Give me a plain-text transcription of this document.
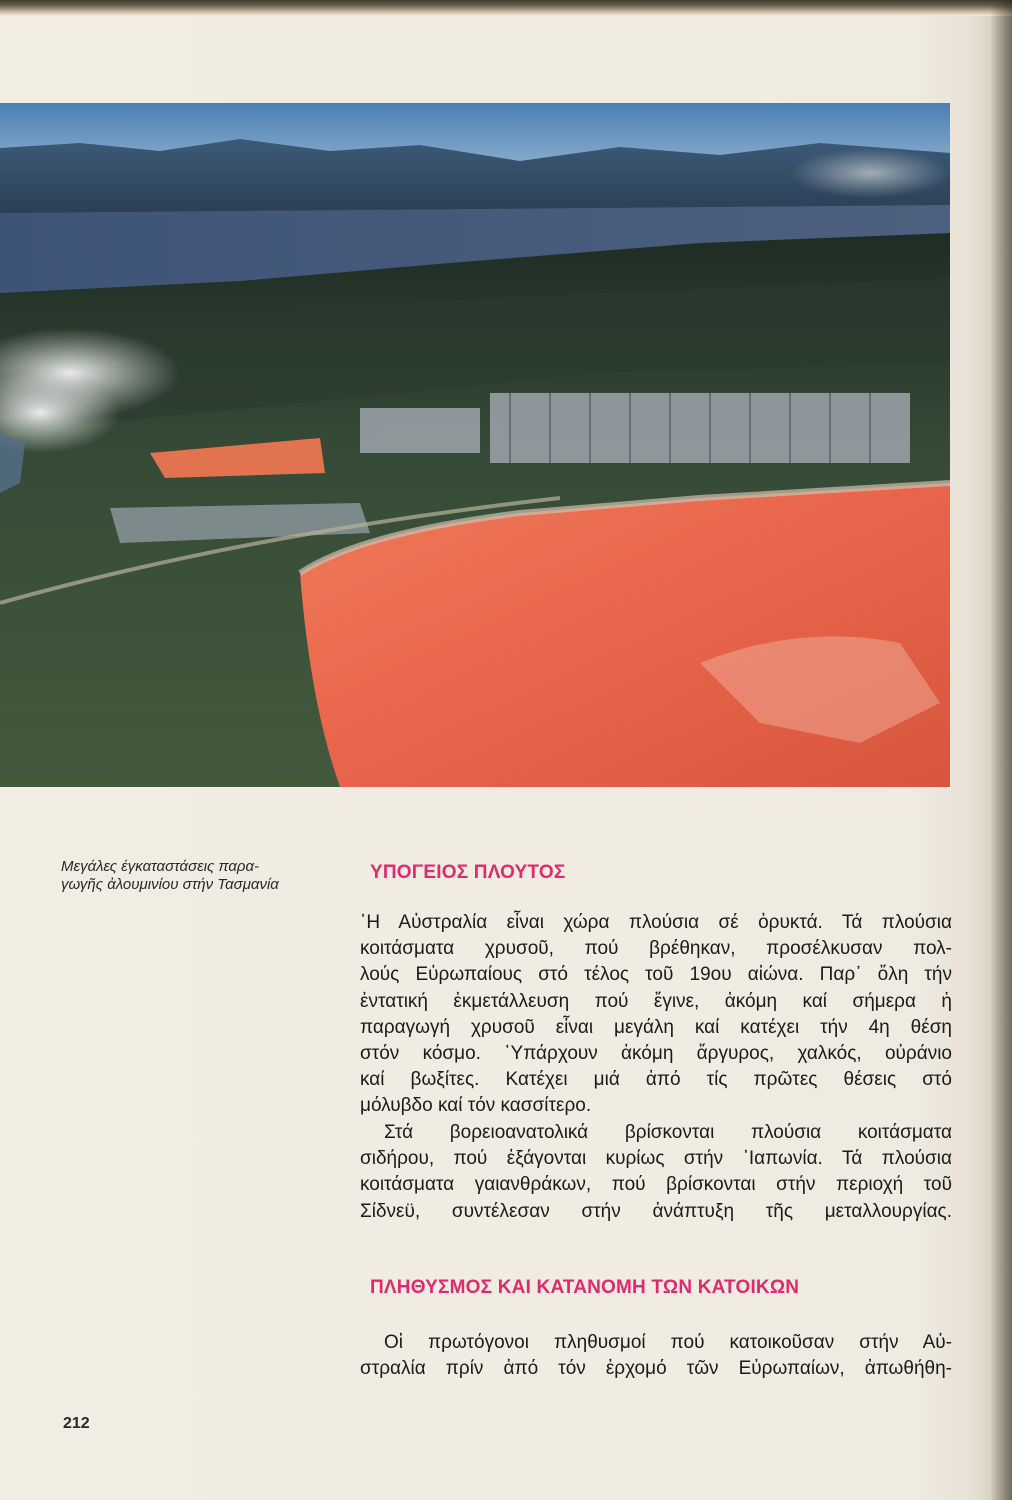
Μεγάλες έγκαταστάσεις παρα-
γωγῆς ἀλουμινίου στήν Τασμανία

ΥΠΟΓΕΙΟΣ ΠΛΟΥΤΟΣ

῾Η Αὐστραλία εἶναι χώρα πλούσια σέ ὀρυκτά. Τά πλούσια
κοιτάσματα χρυσοῦ, πού βρέθηκαν, προσέλκυσαν πολ-
λούς Εὐρωπαίους στό τέλος τοῦ 19ου αἰώνα. Παρ᾿ ὅλη τήν
ἐντατική ἐκμετάλλευση πού ἔγινε, ἀκόμη καί σήμερα ἡ
παραγωγή χρυσοῦ εἶναι μεγάλη καί κατέχει τήν 4η θέση
στόν κόσμο. ῾Υπάρχουν ἀκόμη ἄργυρος, χαλκός, οὐράνιο
καί βωξίτες. Κατέχει μιά ἀπό τίς πρῶτες θέσεις στό
μόλυβδο καί τόν κασσίτερο.

Στά βορειοανατολικά βρίσκονται πλούσια κοιτάσματα
σιδήρου, πού ἐξάγονται κυρίως στήν ᾿Ιαπωνία. Τά πλούσια
κοιτάσματα γαιανθράκων, πού βρίσκονται στήν περιοχή τοῦ
Σίδνεϋ, συντέλεσαν στήν ἀνάπτυξη τῆς μεταλλουργίας.

ΠΛΗΘΥΣΜΟΣ ΚΑΙ ΚΑΤΑΝΟΜΗ ΤΩΝ ΚΑΤΟΙΚΩΝ

Οἱ πρωτόγονοι πληθυσμοί πού κατοικοῦσαν στήν Αὐ-
στραλία πρίν ἀπό τόν ἐρχομό τῶν Εὐρωπαίων, ἀπωθήθη-

212
